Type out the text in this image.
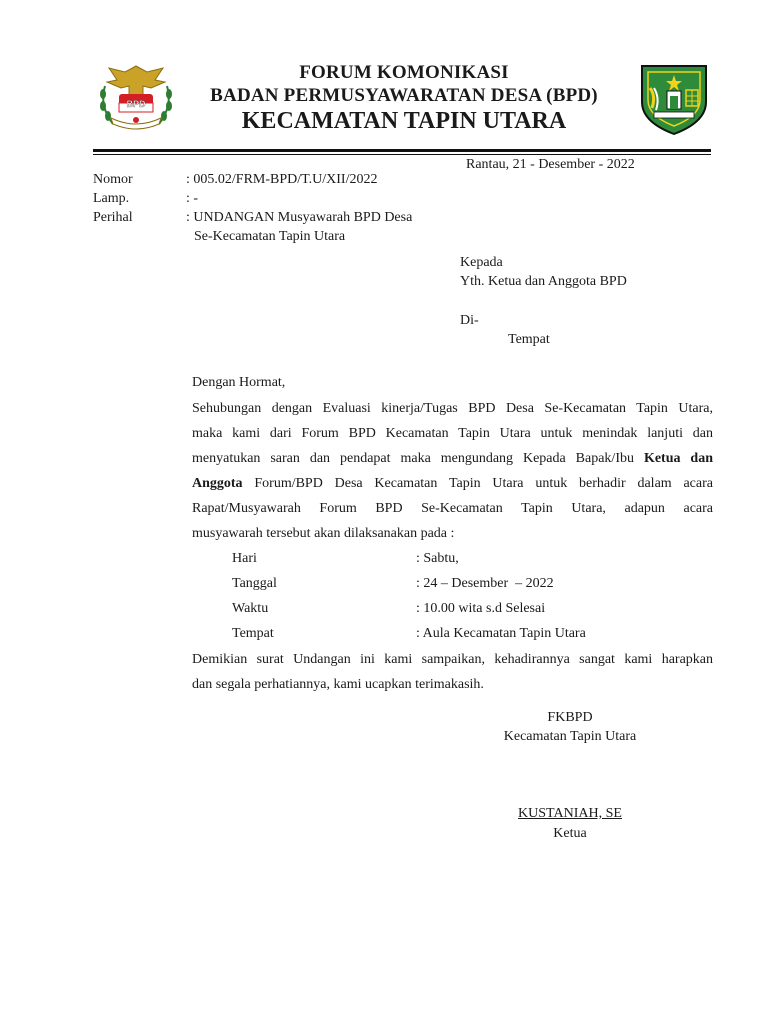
BPD
FORUM KOMONIKASI
BADAN PERMUSYAWARATAN DESA (BPD)
KECAMATAN TAPIN UTARA
Rantau, 21 - Desember - 2022
Nomor	: 005.02/FRM-BPD/T.U/XII/2022
Lamp.	: -
Perihal	: UNDANGAN Musyawarah BPD Desa
Se-Kecamatan Tapin Utara
Kepada
Yth. Ketua dan Anggota BPD
Di-
Tempat
Dengan Hormat,
Sehubungan dengan Evaluasi kinerja/Tugas BPD Desa Se-Kecamatan Tapin Utara,
maka kami dari Forum BPD Kecamatan Tapin Utara untuk menindak lanjuti dan
menyatukan saran dan pendapat maka mengundang Kepada Bapak/Ibu Ketua dan
Anggota Forum/BPD Desa Kecamatan Tapin Utara untuk berhadir dalam acara
Rapat/Musyawarah Forum BPD Se-Kecamatan Tapin Utara, adapun acara
musyawarah tersebut akan dilaksanakan pada :
Hari	: Sabtu,
Tanggal	: 24 – Desember  – 2022
Waktu	: 10.00 wita s.d Selesai
Tempat	: Aula Kecamatan Tapin Utara
Demikian surat Undangan ini kami sampaikan, kehadirannya sangat kami harapkan
dan segala perhatiannya, kami ucapkan terimakasih.
FKBPD
Kecamatan Tapin Utara
KUSTANIAH, SE
Ketua
